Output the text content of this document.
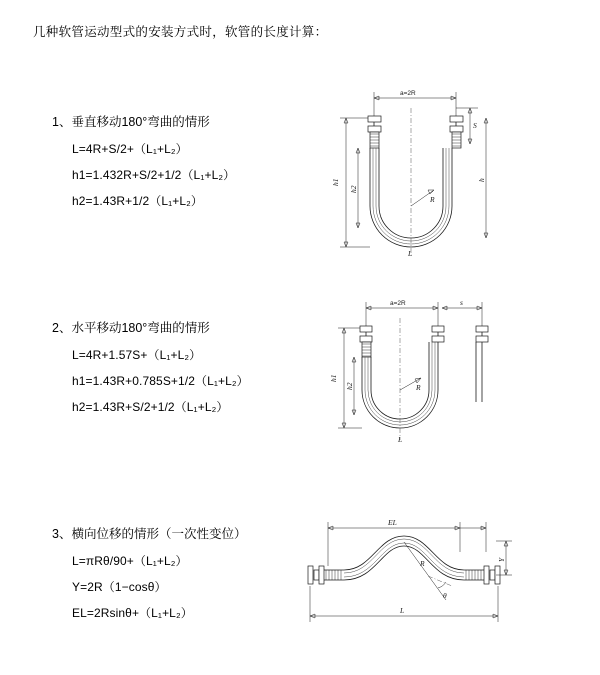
几种软管运动型式的安装方式时，软管的长度计算：
1、垂直移动180°弯曲的情形
L=4R+S/2+（L₁+L₂）
h1=1.432R+S/2+1/2（L₁+L₂）
h2=1.43R+1/2（L₁+L₂）
a=2R
S
R
h1
h2
h
L
2、水平移动180°弯曲的情形
L=4R+1.57S+（L₁+L₂）
h1=1.43R+0.785S+1/2（L₁+L₂）
h2=1.43R+S/2+1/2（L₁+L₂）
a=2R	s
R
h1
h2
L
3、横向位移的情形（一次性变位）
L=πRθ/90+（L₁+L₂）
Y=2R（1−cosθ）
EL=2Rsinθ+（L₁+L₂）
EL
Y
θ
R
L
